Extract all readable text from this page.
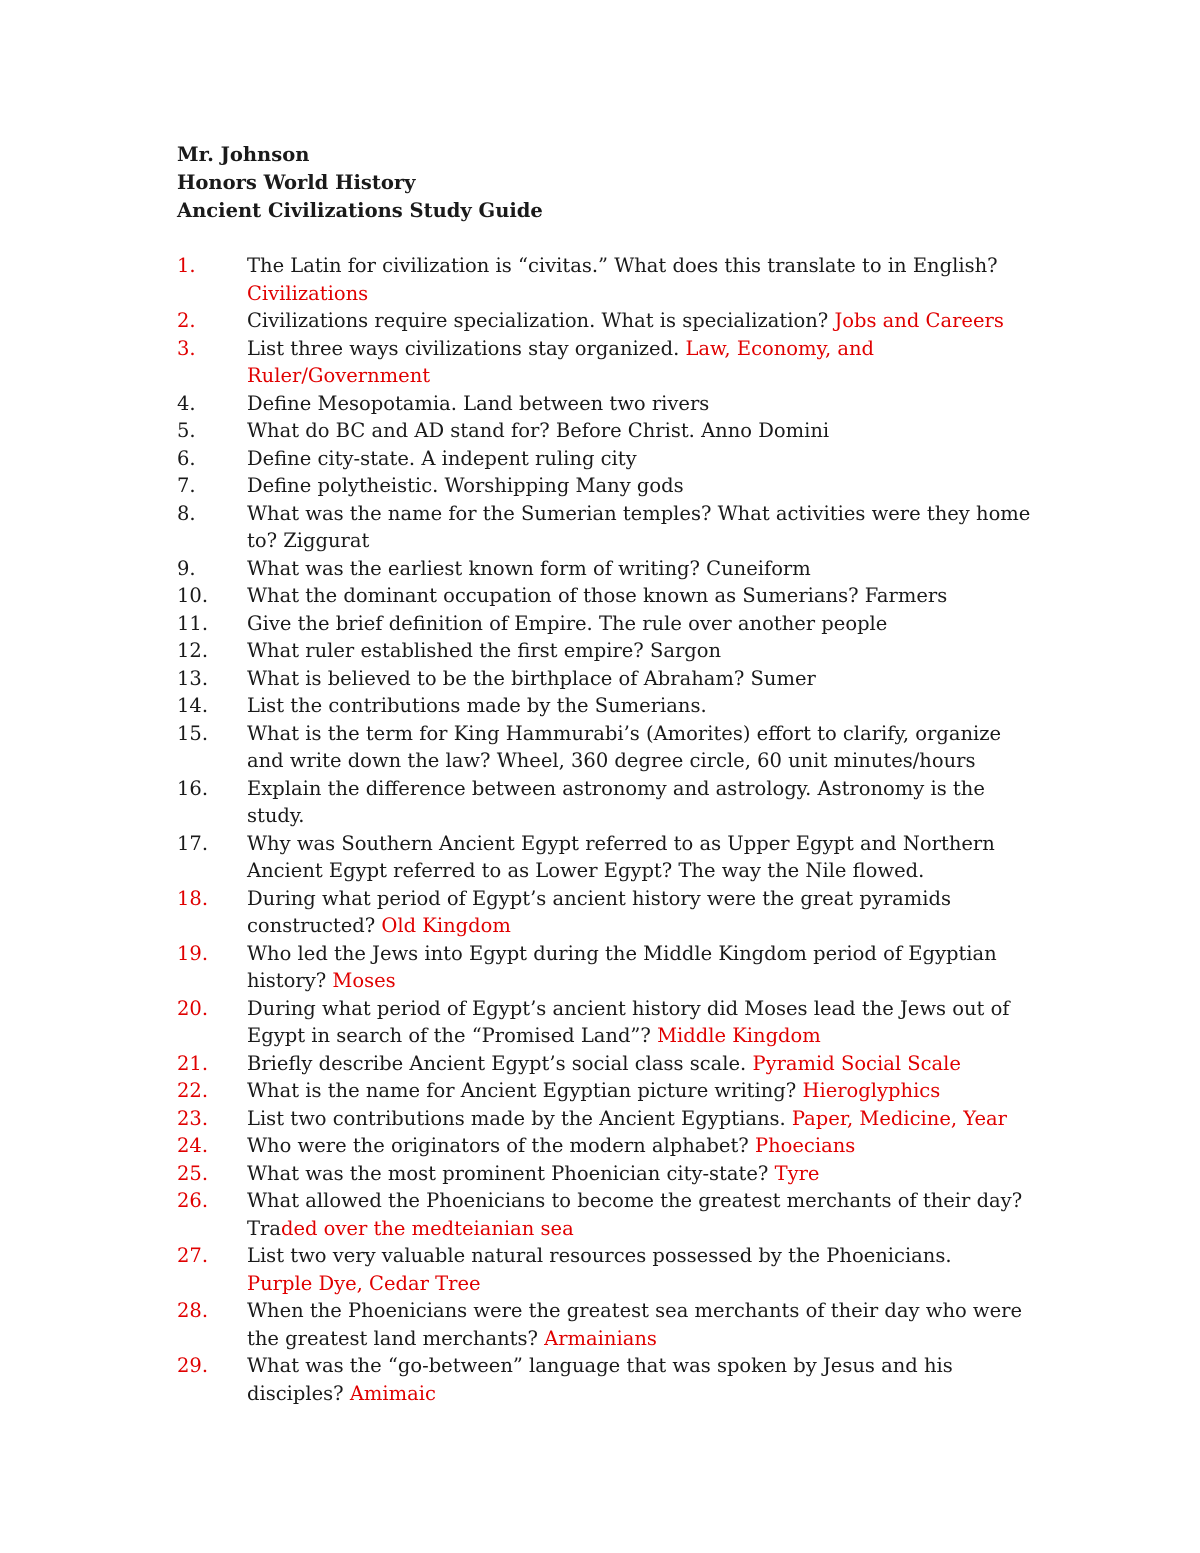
Mr. Johnson
Honors World History
Ancient Civilizations Study Guide
1.	The Latin for civilization is “civitas.” What does this translate to in English?
Civilizations
2.	Civilizations require specialization. What is specialization? Jobs and Careers
3.	List three ways civilizations stay organized. Law, Economy, and Ruler/Government
4.	Define Mesopotamia. Land between two rivers
5.	What do BC and AD stand for? Before Christ. Anno Domini
6.	Define city-state. A indepent ruling city
7.	Define polytheistic. Worshipping Many gods
8.	What was the name for the Sumerian temples? What activities were they home to? Ziggurat
9.	What was the earliest known form of writing? Cuneiform
10.	What the dominant occupation of those known as Sumerians? Farmers
11.	Give the brief definition of Empire. The rule over another people
12.	What ruler established the first empire? Sargon
13.	What is believed to be the birthplace of Abraham? Sumer
14.	List the contributions made by the Sumerians.
15.	What is the term for King Hammurabi’s (Amorites) effort to clarify, organize and write down the law? Wheel, 360 degree circle, 60 unit minutes/hours
16.	Explain the difference between astronomy and astrology. Astronomy is the study.
17.	Why was Southern Ancient Egypt referred to as Upper Egypt and Northern Ancient Egypt referred to as Lower Egypt? The way the Nile flowed.
18.	During what period of Egypt’s ancient history were the great pyramids constructed? Old Kingdom
19.	Who led the Jews into Egypt during the Middle Kingdom period of Egyptian history? Moses
20.	During what period of Egypt’s ancient history did Moses lead the Jews out of Egypt in search of the “Promised Land”? Middle Kingdom
21.	Briefly describe Ancient Egypt’s social class scale. Pyramid Social Scale
22.	What is the name for Ancient Egyptian picture writing? Hieroglyphics
23.	List two contributions made by the Ancient Egyptians. Paper, Medicine, Year
24.	Who were the originators of the modern alphabet? Phoecians
25.	What was the most prominent Phoenician city-state? Tyre
26.	What allowed the Phoenicians to become the greatest merchants of their day? Traded over the medteianian sea
27.	List two very valuable natural resources possessed by the Phoenicians.
Purple Dye, Cedar Tree
28.	When the Phoenicians were the greatest sea merchants of their day who were the greatest land merchants? Armainians
29.	What was the “go-between” language that was spoken by Jesus and his disciples? Amimaic
